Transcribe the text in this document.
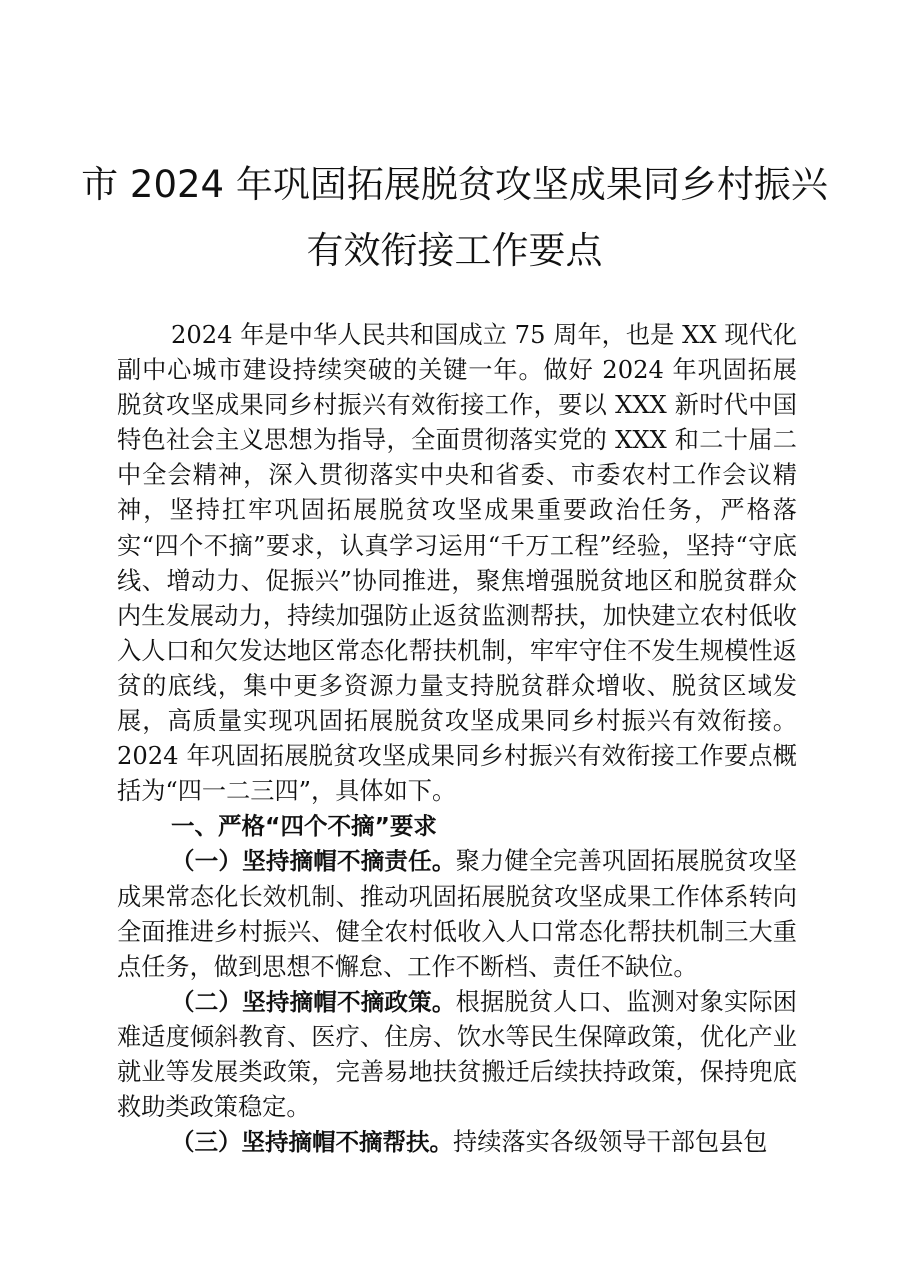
市 2024 年巩固拓展脱贫攻坚成果同乡村振兴
有效衔接工作要点

2024 年是中华人民共和国成立 75 周年，也是 XX 现代化副中心城市建设持续突破的关键一年。做好 2024 年巩固拓展脱贫攻坚成果同乡村振兴有效衔接工作，要以 XXX 新时代中国特色社会主义思想为指导，全面贯彻落实党的 XXX 和二十届二中全会精神，深入贯彻落实中央和省委、市委农村工作会议精神，坚持扛牢巩固拓展脱贫攻坚成果重要政治任务，严格落实“四个不摘”要求，认真学习运用“千万工程”经验，坚持“守底线、增动力、促振兴”协同推进，聚焦增强脱贫地区和脱贫群众内生发展动力，持续加强防止返贫监测帮扶，加快建立农村低收入人口和欠发达地区常态化帮扶机制，牢牢守住不发生规模性返贫的底线，集中更多资源力量支持脱贫群众增收、脱贫区域发展，高质量实现巩固拓展脱贫攻坚成果同乡村振兴有效衔接。2024 年巩固拓展脱贫攻坚成果同乡村振兴有效衔接工作要点概括为“四一二三四”，具体如下。

一、严格“四个不摘”要求

（一）坚持摘帽不摘责任。聚力健全完善巩固拓展脱贫攻坚成果常态化长效机制、推动巩固拓展脱贫攻坚成果工作体系转向全面推进乡村振兴、健全农村低收入人口常态化帮扶机制三大重点任务，做到思想不懈怠、工作不断档、责任不缺位。

（二）坚持摘帽不摘政策。根据脱贫人口、监测对象实际困难适度倾斜教育、医疗、住房、饮水等民生保障政策，优化产业就业等发展类政策，完善易地扶贫搬迁后续扶持政策，保持兜底救助类政策稳定。

（三）坚持摘帽不摘帮扶。持续落实各级领导干部包县包
